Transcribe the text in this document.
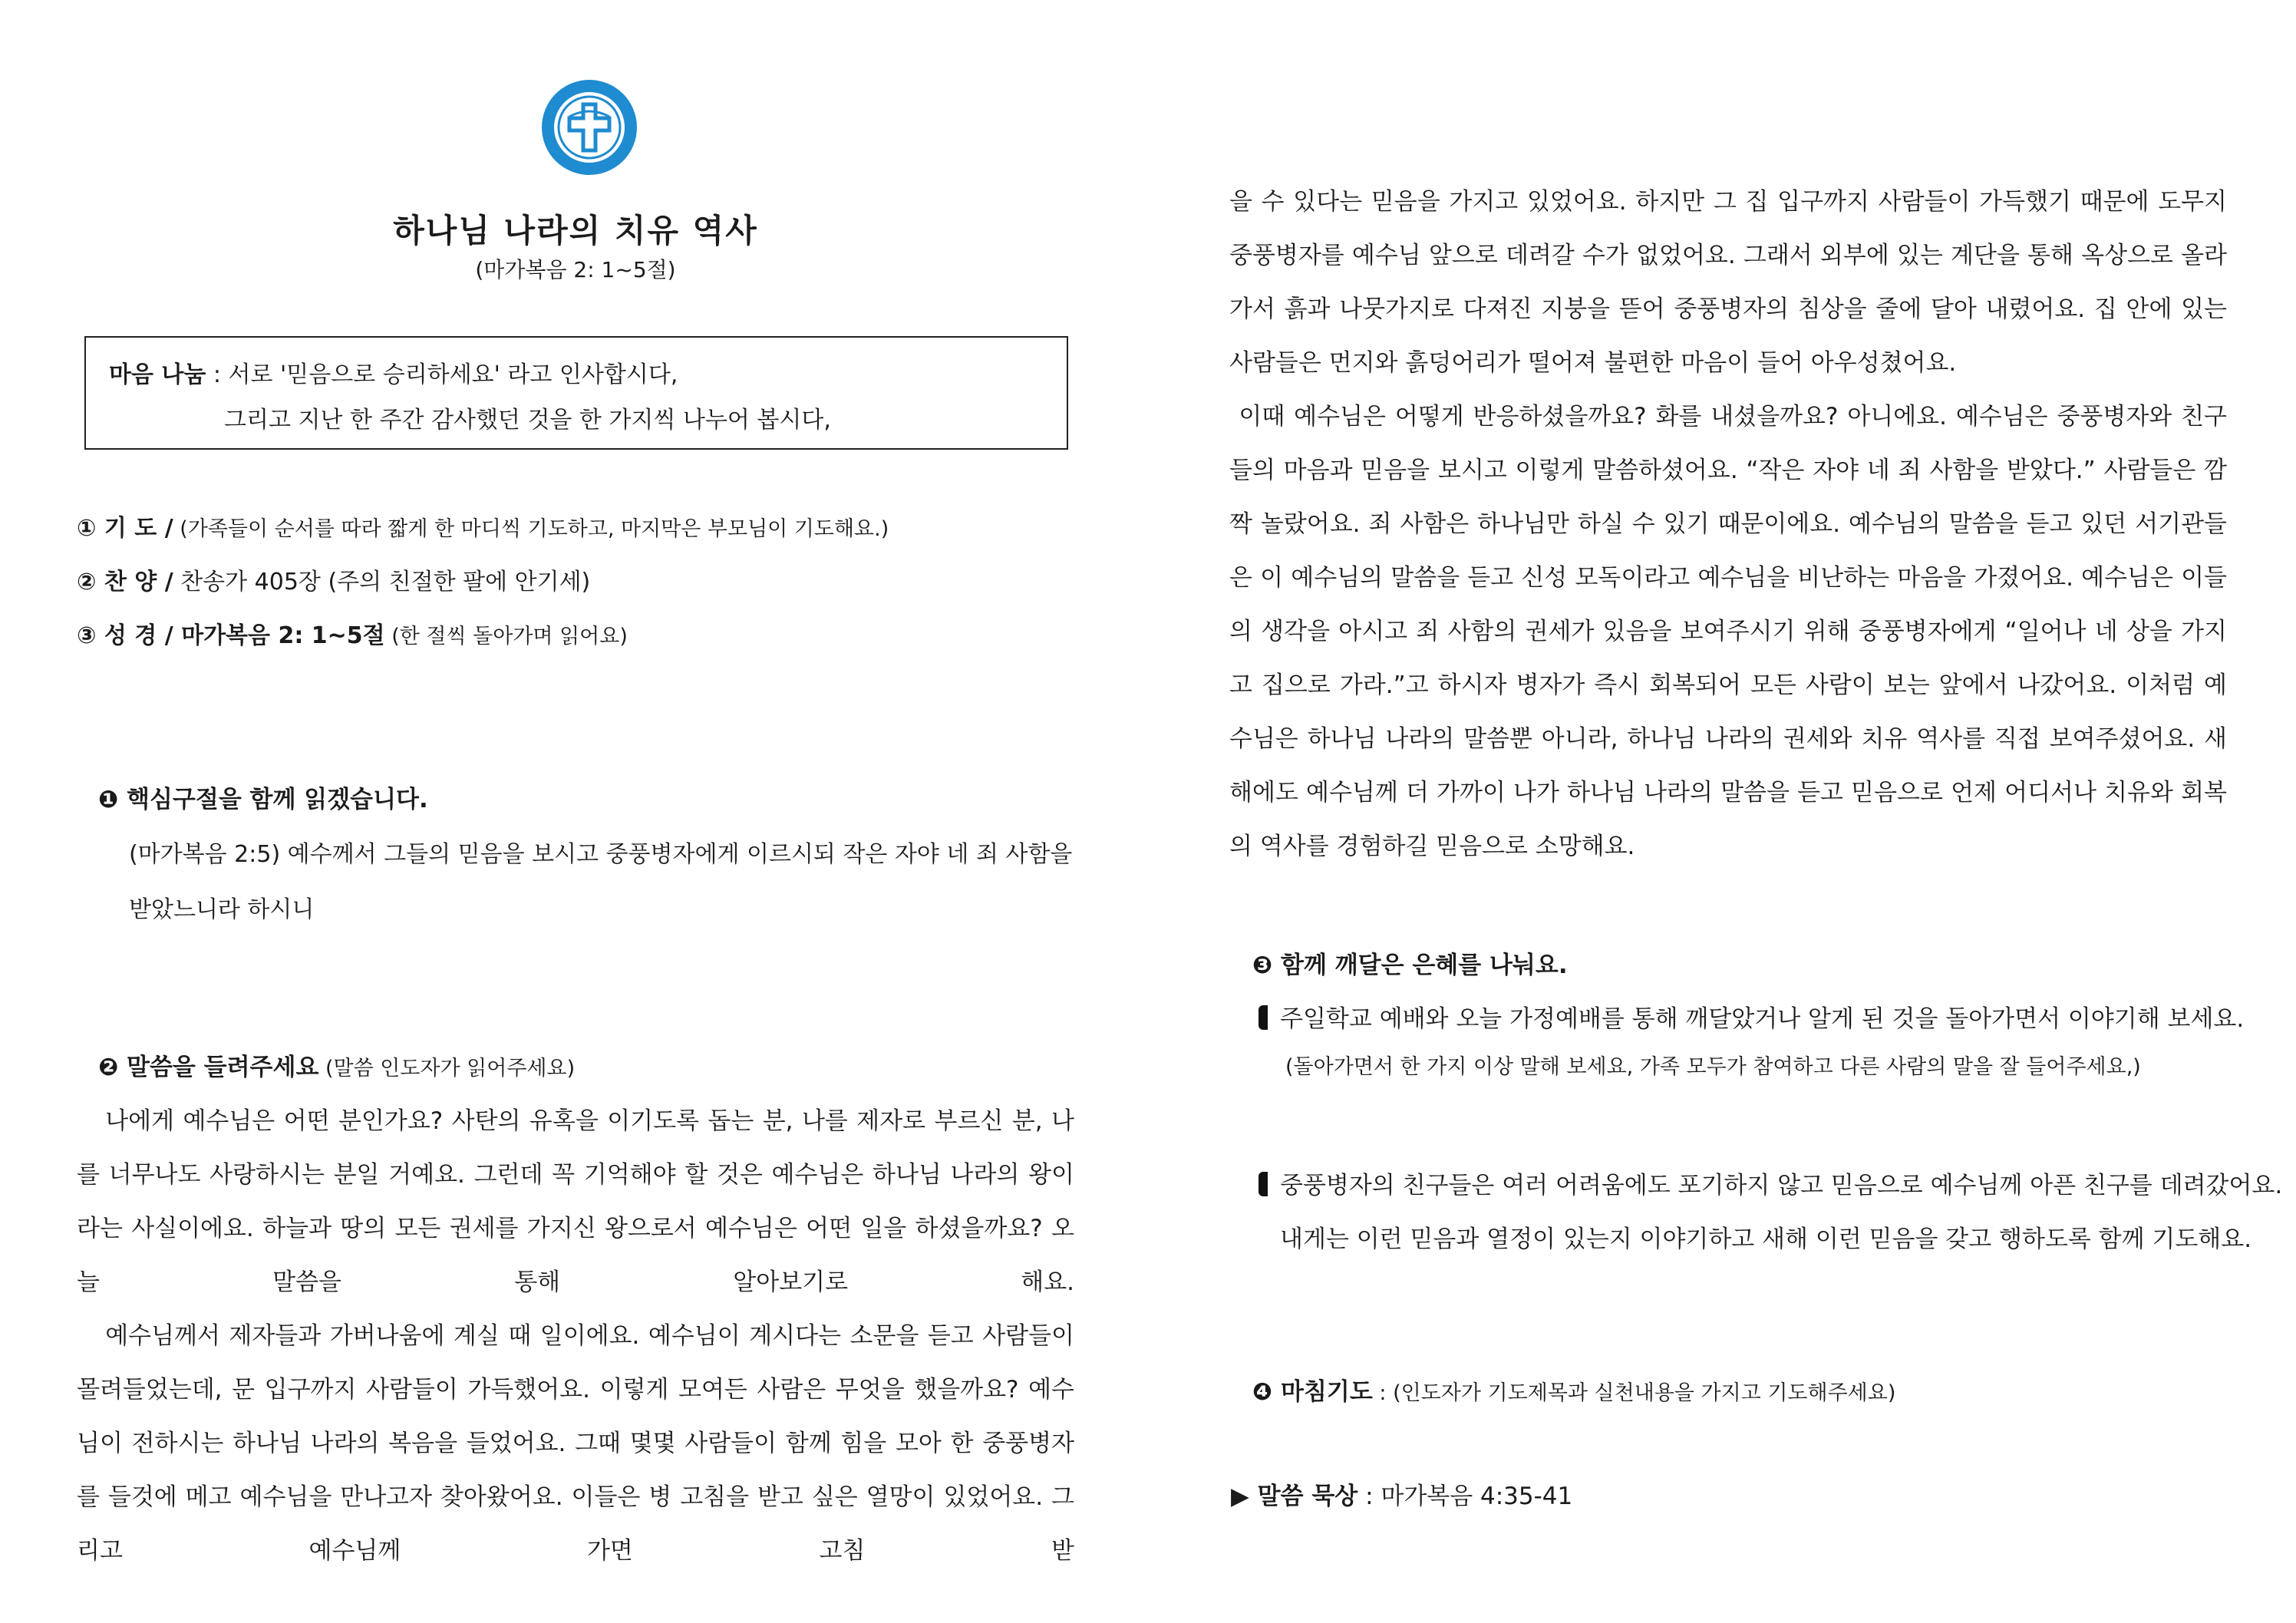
하나님 나라의 치유 역사
(마가복음 2: 1~5절)
마음 나눔 : 서로 '믿음으로 승리하세요' 라고 인사합시다,
그리고 지난 한 주간 감사했던 것을 한 가지씩 나누어 봅시다,
① 기 도 / (가족들이 순서를 따라 짧게 한 마디씩 기도하고, 마지막은 부모님이 기도해요.)
② 찬 양 / 찬송가 405장 (주의 친절한 팔에 안기세)
③ 성 경 / 마가복음 2: 1~5절 (한 절씩 돌아가며 읽어요)
❶ 핵심구절을 함께 읽겠습니다.
(마가복음 2:5) 예수께서 그들의 믿음을 보시고 중풍병자에게 이르시되 작은 자야 네 죄 사함을 받았느니라 하시니
❷ 말씀을 들려주세요 (말씀 인도자가 읽어주세요)

나에게 예수님은 어떤 분인가요? 사탄의 유혹을 이기도록 돕는 분, 나를 제자로 부르신 분, 나를 너무나도 사랑하시는 분일 거예요. 그런데 꼭 기억해야 할 것은 예수님은 하나님 나라의 왕이라는 사실이에요. 하늘과 땅의 모든 권세를 가지신 왕으로서 예수님은 어떤 일을 하셨을까요? 오늘 말씀을 통해 알아보기로 해요.

예수님께서 제자들과 가버나움에 계실 때 일이에요. 예수님이 계시다는 소문을 듣고 사람들이 몰려들었는데, 문 입구까지 사람들이 가득했어요. 이렇게 모여든 사람은 무엇을 했을까요? 예수님이 전하시는 하나님 나라의 복음을 들었어요. 그때 몇몇 사람들이 함께 힘을 모아 한 중풍병자를 들것에 메고 예수님을 만나고자 찾아왔어요. 이들은 병 고침을 받고 싶은 열망이 있었어요. 그리고 예수님께 가면 고침 받

을 수 있다는 믿음을 가지고 있었어요. 하지만 그 집 입구까지 사람들이 가득했기 때문에 도무지 중풍병자를 예수님 앞으로 데려갈 수가 없었어요. 그래서 외부에 있는 계단을 통해 옥상으로 올라가서 흙과 나뭇가지로 다져진 지붕을 뜯어 중풍병자의 침상을 줄에 달아 내렸어요. 집 안에 있는 사람들은 먼지와 흙덩어리가 떨어져 불편한 마음이 들어 아우성쳤어요.

이때 예수님은 어떻게 반응하셨을까요? 화를 내셨을까요? 아니에요. 예수님은 중풍병자와 친구들의 마음과 믿음을 보시고 이렇게 말씀하셨어요. “작은 자야 네 죄 사함을 받았다.” 사람들은 깜짝 놀랐어요. 죄 사함은 하나님만 하실 수 있기 때문이에요. 예수님의 말씀을 듣고 있던 서기관들은 이 예수님의 말씀을 듣고 신성 모독이라고 예수님을 비난하는 마음을 가졌어요. 예수님은 이들의 생각을 아시고 죄 사함의 권세가 있음을 보여주시기 위해 중풍병자에게 “일어나 네 상을 가지고 집으로 가라.”고 하시자 병자가 즉시 회복되어 모든 사람이 보는 앞에서 나갔어요. 이처럼 예수님은 하나님 나라의 말씀뿐 아니라, 하나님 나라의 권세와 치유 역사를 직접 보여주셨어요. 새해에도 예수님께 더 가까이 나가 하나님 나라의 말씀을 듣고 믿음으로 언제 어디서나 치유와 회복의 역사를 경험하길 믿음으로 소망해요.

❸ 함께 깨달은 은혜를 나눠요.
주일학교 예배와 오늘 가정예배를 통해 깨달았거나 알게 된 것을 돌아가면서 이야기해 보세요.
(돌아가면서 한 가지 이상 말해 보세요, 가족 모두가 참여하고 다른 사람의 말을 잘 들어주세요,)
중풍병자의 친구들은 여러 어려움에도 포기하지 않고 믿음으로 예수님께 아픈 친구를 데려갔어요.
내게는 이런 믿음과 열정이 있는지 이야기하고 새해 이런 믿음을 갖고 행하도록 함께 기도해요.
❹ 마침기도 : (인도자가 기도제목과 실천내용을 가지고 기도해주세요)
▶ 말씀 묵상 : 마가복음 4:35-41
